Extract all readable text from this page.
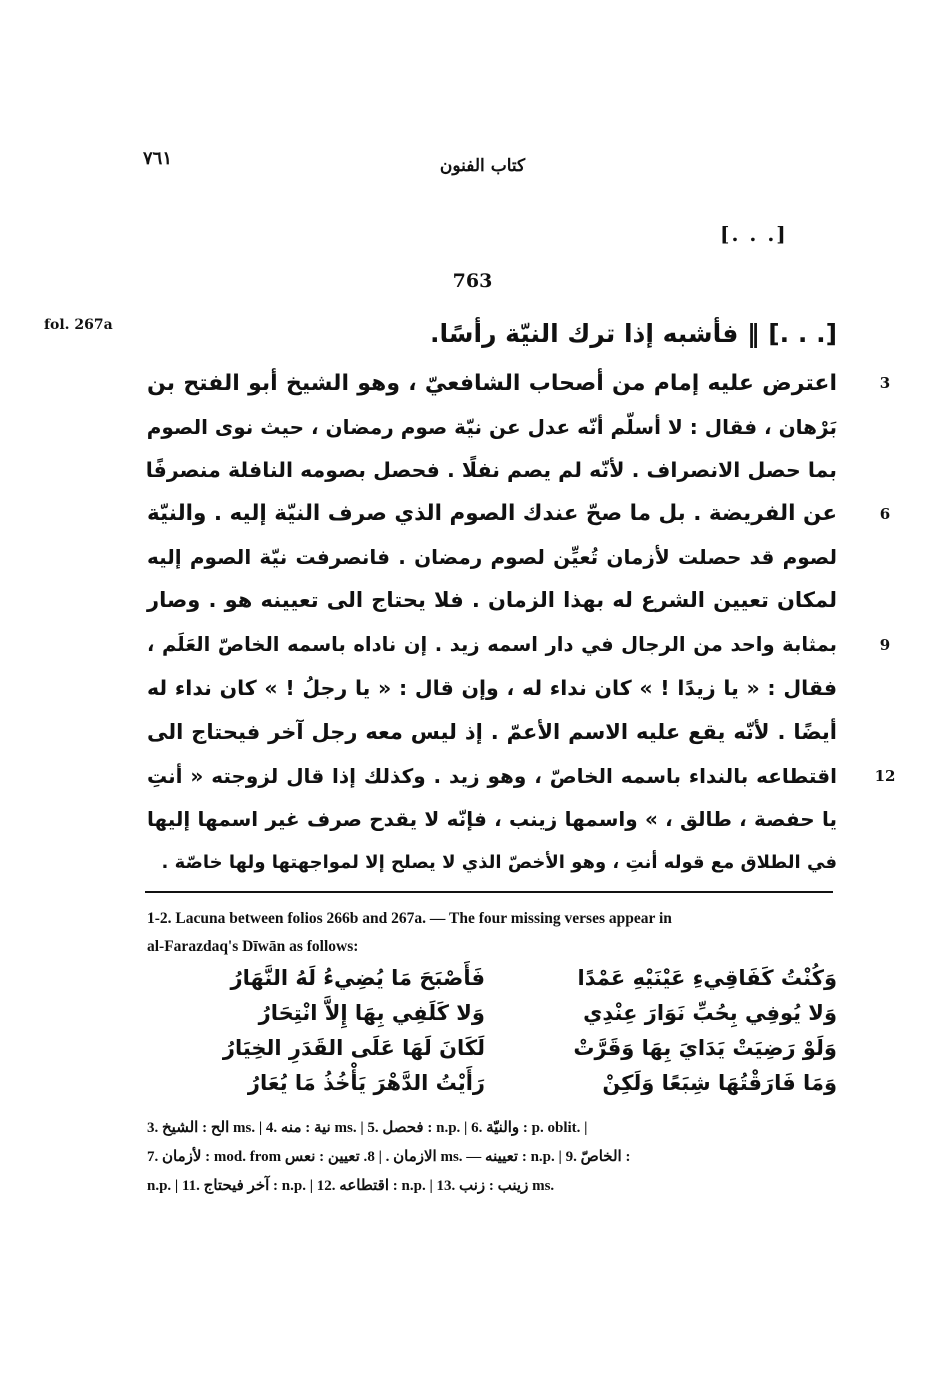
٧٦١	كتاب الفنون
[. . .]
763
fol. 267a	[. . .] ‖ فأشبه إذا ترك النيّة رأسًا.
3
اعترض عليه إمام من أصحاب الشافعيّ ، وهو الشيخ أبو الفتح بن
بَرْهان ، فقال : لا أسلّم أنّه عدل عن نيّة صوم رمضان ، حيث نوى الصوم
بما حصل الانصراف . لأنّه لم يصم نفلًا . فحصل بصومه النافلة منصرفًا
6
عن الفريضة . بل ما صحّ عندك الصوم الذي صرف النيّة إليه . والنيّة
لصوم قد حصلت لأزمان تُعيِّن لصوم رمضان . فانصرفت نيّة الصوم إليه
لمكان تعيين الشرع له بهذا الزمان . فلا يحتاج الى تعيينه هو . وصار
9
بمثابة واحد من الرجال في دار اسمه زيد . إن ناداه باسمه الخاصّ العَلَم ،
فقال : « يا زيدًا ! » كان نداء له ، وإن قال : « يا رجلُ ! » كان نداء له
أيضًا . لأنّه يقع عليه الاسم الأعمّ . إذ ليس معه رجل آخر فيحتاج الى
12
اقتطاعه بالنداء باسمه الخاصّ ، وهو زيد . وكذلك إذا قال لزوجته « أنتِ
يا حفصة ، طالق ، » واسمها زينب ، فإنّه لا يقدح صرف غير اسمها إليها
في الطلاق مع قوله أنتِ ، وهو الأخصّ الذي لا يصلح إلا لمواجهتها ولها خاصّة .
1-2. Lacuna between folios 266b and 267a. — The four missing verses appear in
al-Farazdaq's Dīwān as follows:
وَكُنْتُ كَفَاقِيءِ عَيْنَيْهِ عَمْدًا
فَأَصْبَحَ مَا يُضِيءُ لَهُ النَّهَارُ
وَلا يُوفِي بِحُبِّ نَوَارَ عِنْدِي
وَلا كَلَفِي بِهَا إِلاَّ انْتِحَارُ
وَلَوْ رَضِيَتْ يَدَايَ بِهَا وَقَرَّتْ
لَكَانَ لَهَا عَلَى القَدَرِ الخِيَارُ
وَمَا فَارَقْتُهَا شِبَعًا وَلَكِنْ
رَأَيْتُ الدَّهْرَ يَأْخُذُ مَا يُعَارُ
3. الح : الشيخ ms. | 4. نية : منه ms. | 5. فحصل : n.p. | 6. والنيّة : p. oblit. |
7. لأزمان : mod. from الازمان . | 8. تعيين : نعس ms. — تعيينه : n.p. | 9. الخاصّ :
n.p. | 11. آخر فيحتاج : n.p. | 12. اقتطاعه : n.p. | 13. زينب : زنب ms.
